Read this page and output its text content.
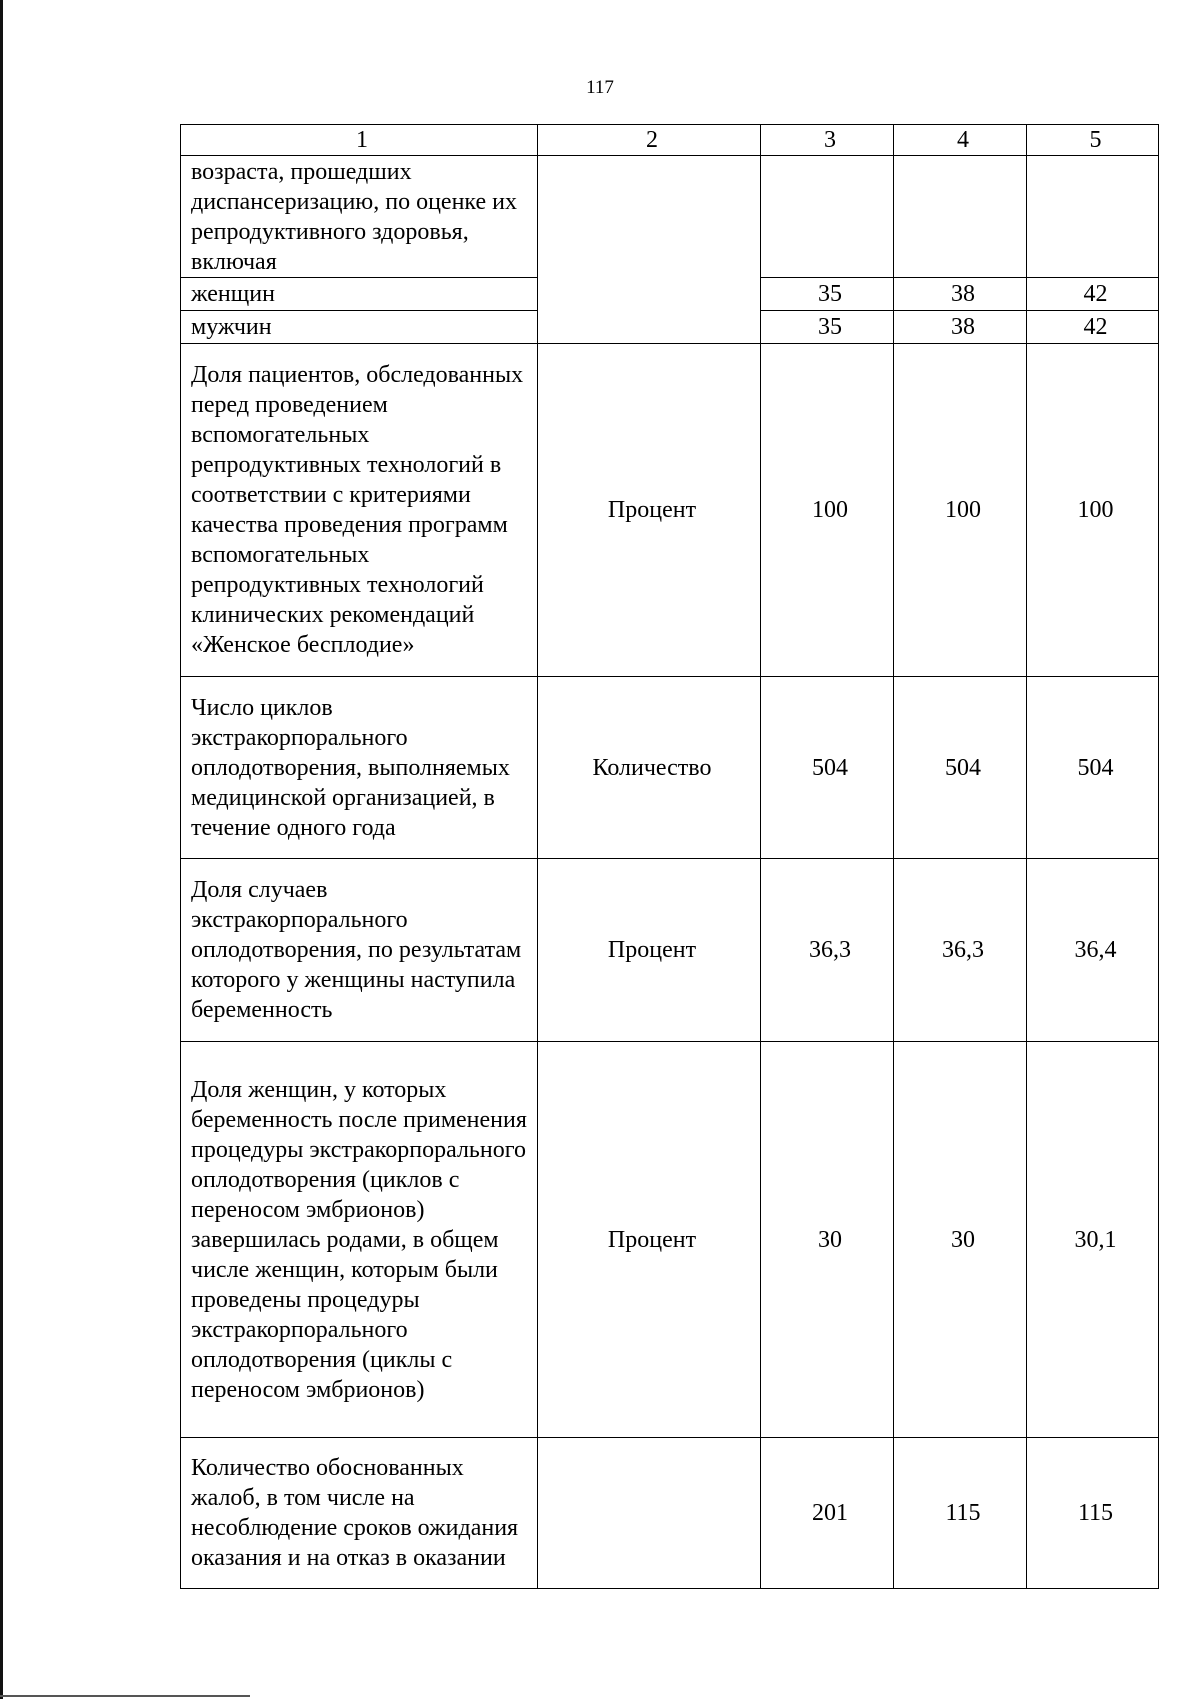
117
1	2	3	4	5
возраста, прошедших диспансеризацию, по оценке их репродуктивного здоровья, включая				
женщин		35	38	42
мужчин		35	38	42
Доля пациентов, обследованных перед проведением вспомогательных репродуктивных технологий в соответствии с критериями качества проведения программ вспомогательных репродуктивных технологий клинических рекомендаций «Женское бесплодие»	Процент	100	100	100
Число циклов экстракорпорального оплодотворения, выполняемых медицинской организацией, в течение одного года	Количество	504	504	504
Доля случаев экстракорпорального оплодотворения, по результатам которого у женщины наступила беременность	Процент	36,3	36,3	36,4
Доля женщин, у которых беременность после применения процедуры экстракорпорального оплодотворения (циклов с переносом эмбрионов) завершилась родами, в общем числе женщин, которым были проведены процедуры экстракорпорального оплодотворения (циклы с переносом эмбрионов)	Процент	30	30	30,1
Количество обоснованных жалоб, в том числе на несоблюдение сроков ожидания оказания и на отказ в оказании		201	115	115
